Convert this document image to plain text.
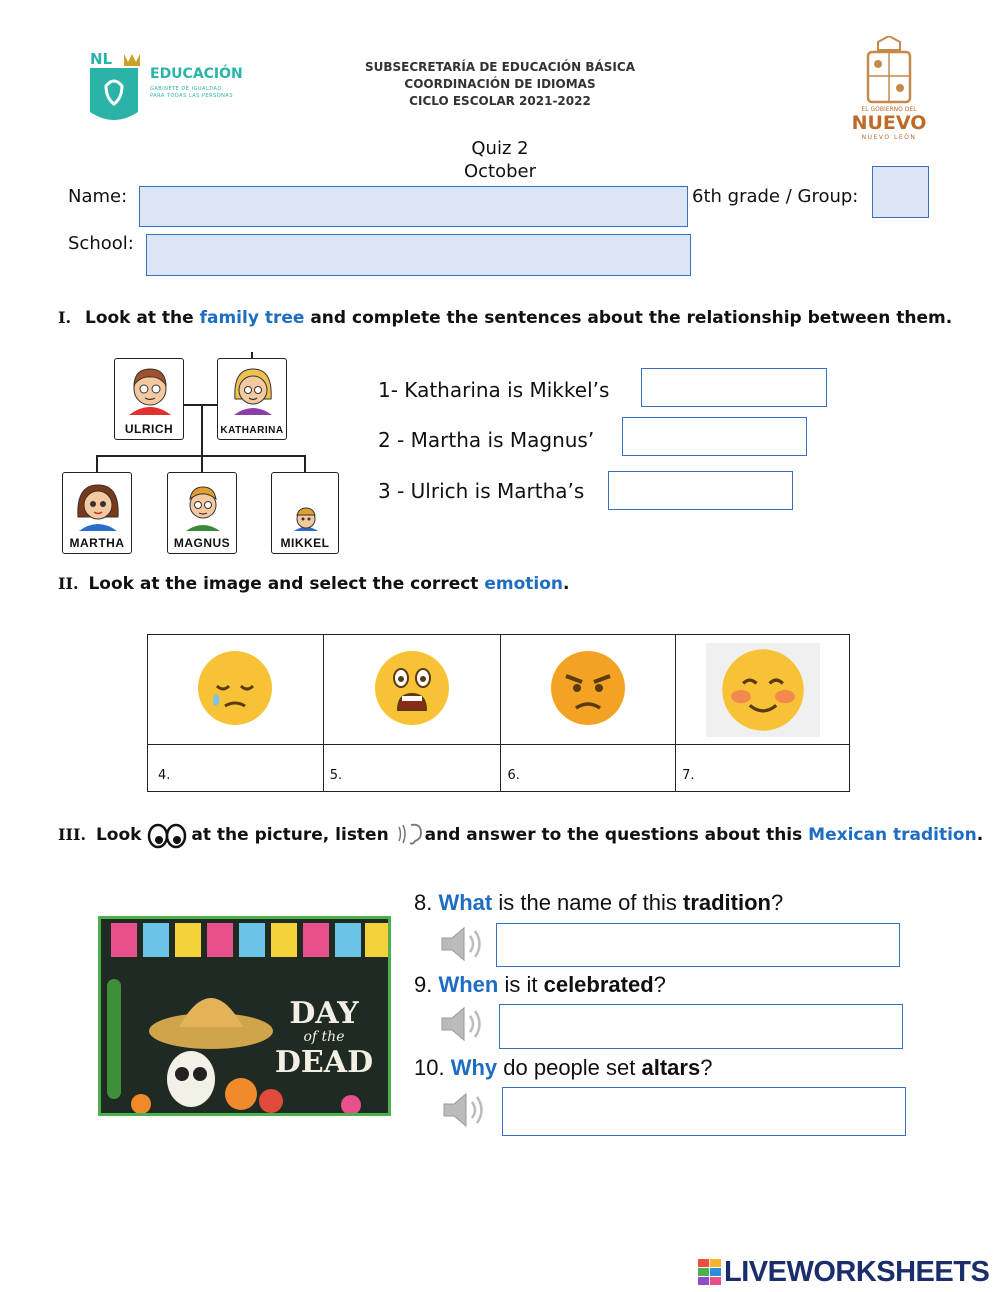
NL
EDUCACIÓN
GABINETE DE IGUALDAD
PARA TODAS LAS PERSONAS
SUBSECRETARÍA DE EDUCACIÓN BÁSICA
COORDINACIÓN DE IDIOMAS
CICLO ESCOLAR 2021-2022
EL GOBIERNO DEL
NUEVO
NUEVO LEÓN
Quiz 2
October
Name:	6th grade / Group:
School:
I. Look at the family tree and complete the sentences about the relationship between them.
ULRICH	KATHARINA
MARTHA	MAGNUS	MIKKEL
1- Katharina is Mikkel’s
2 - Martha is Magnus’
3 - Ulrich is Martha’s
II. Look at the image and select the correct emotion.

4.	5.	6.	7.
III. Look	at the picture, listen and answer to the questions about this Mexican tradition.
DAY
of the
DEAD
8. What is the name of this tradition?
9. When is it celebrated?
10. Why do people set altars?
LIVEWORKSHEETS
